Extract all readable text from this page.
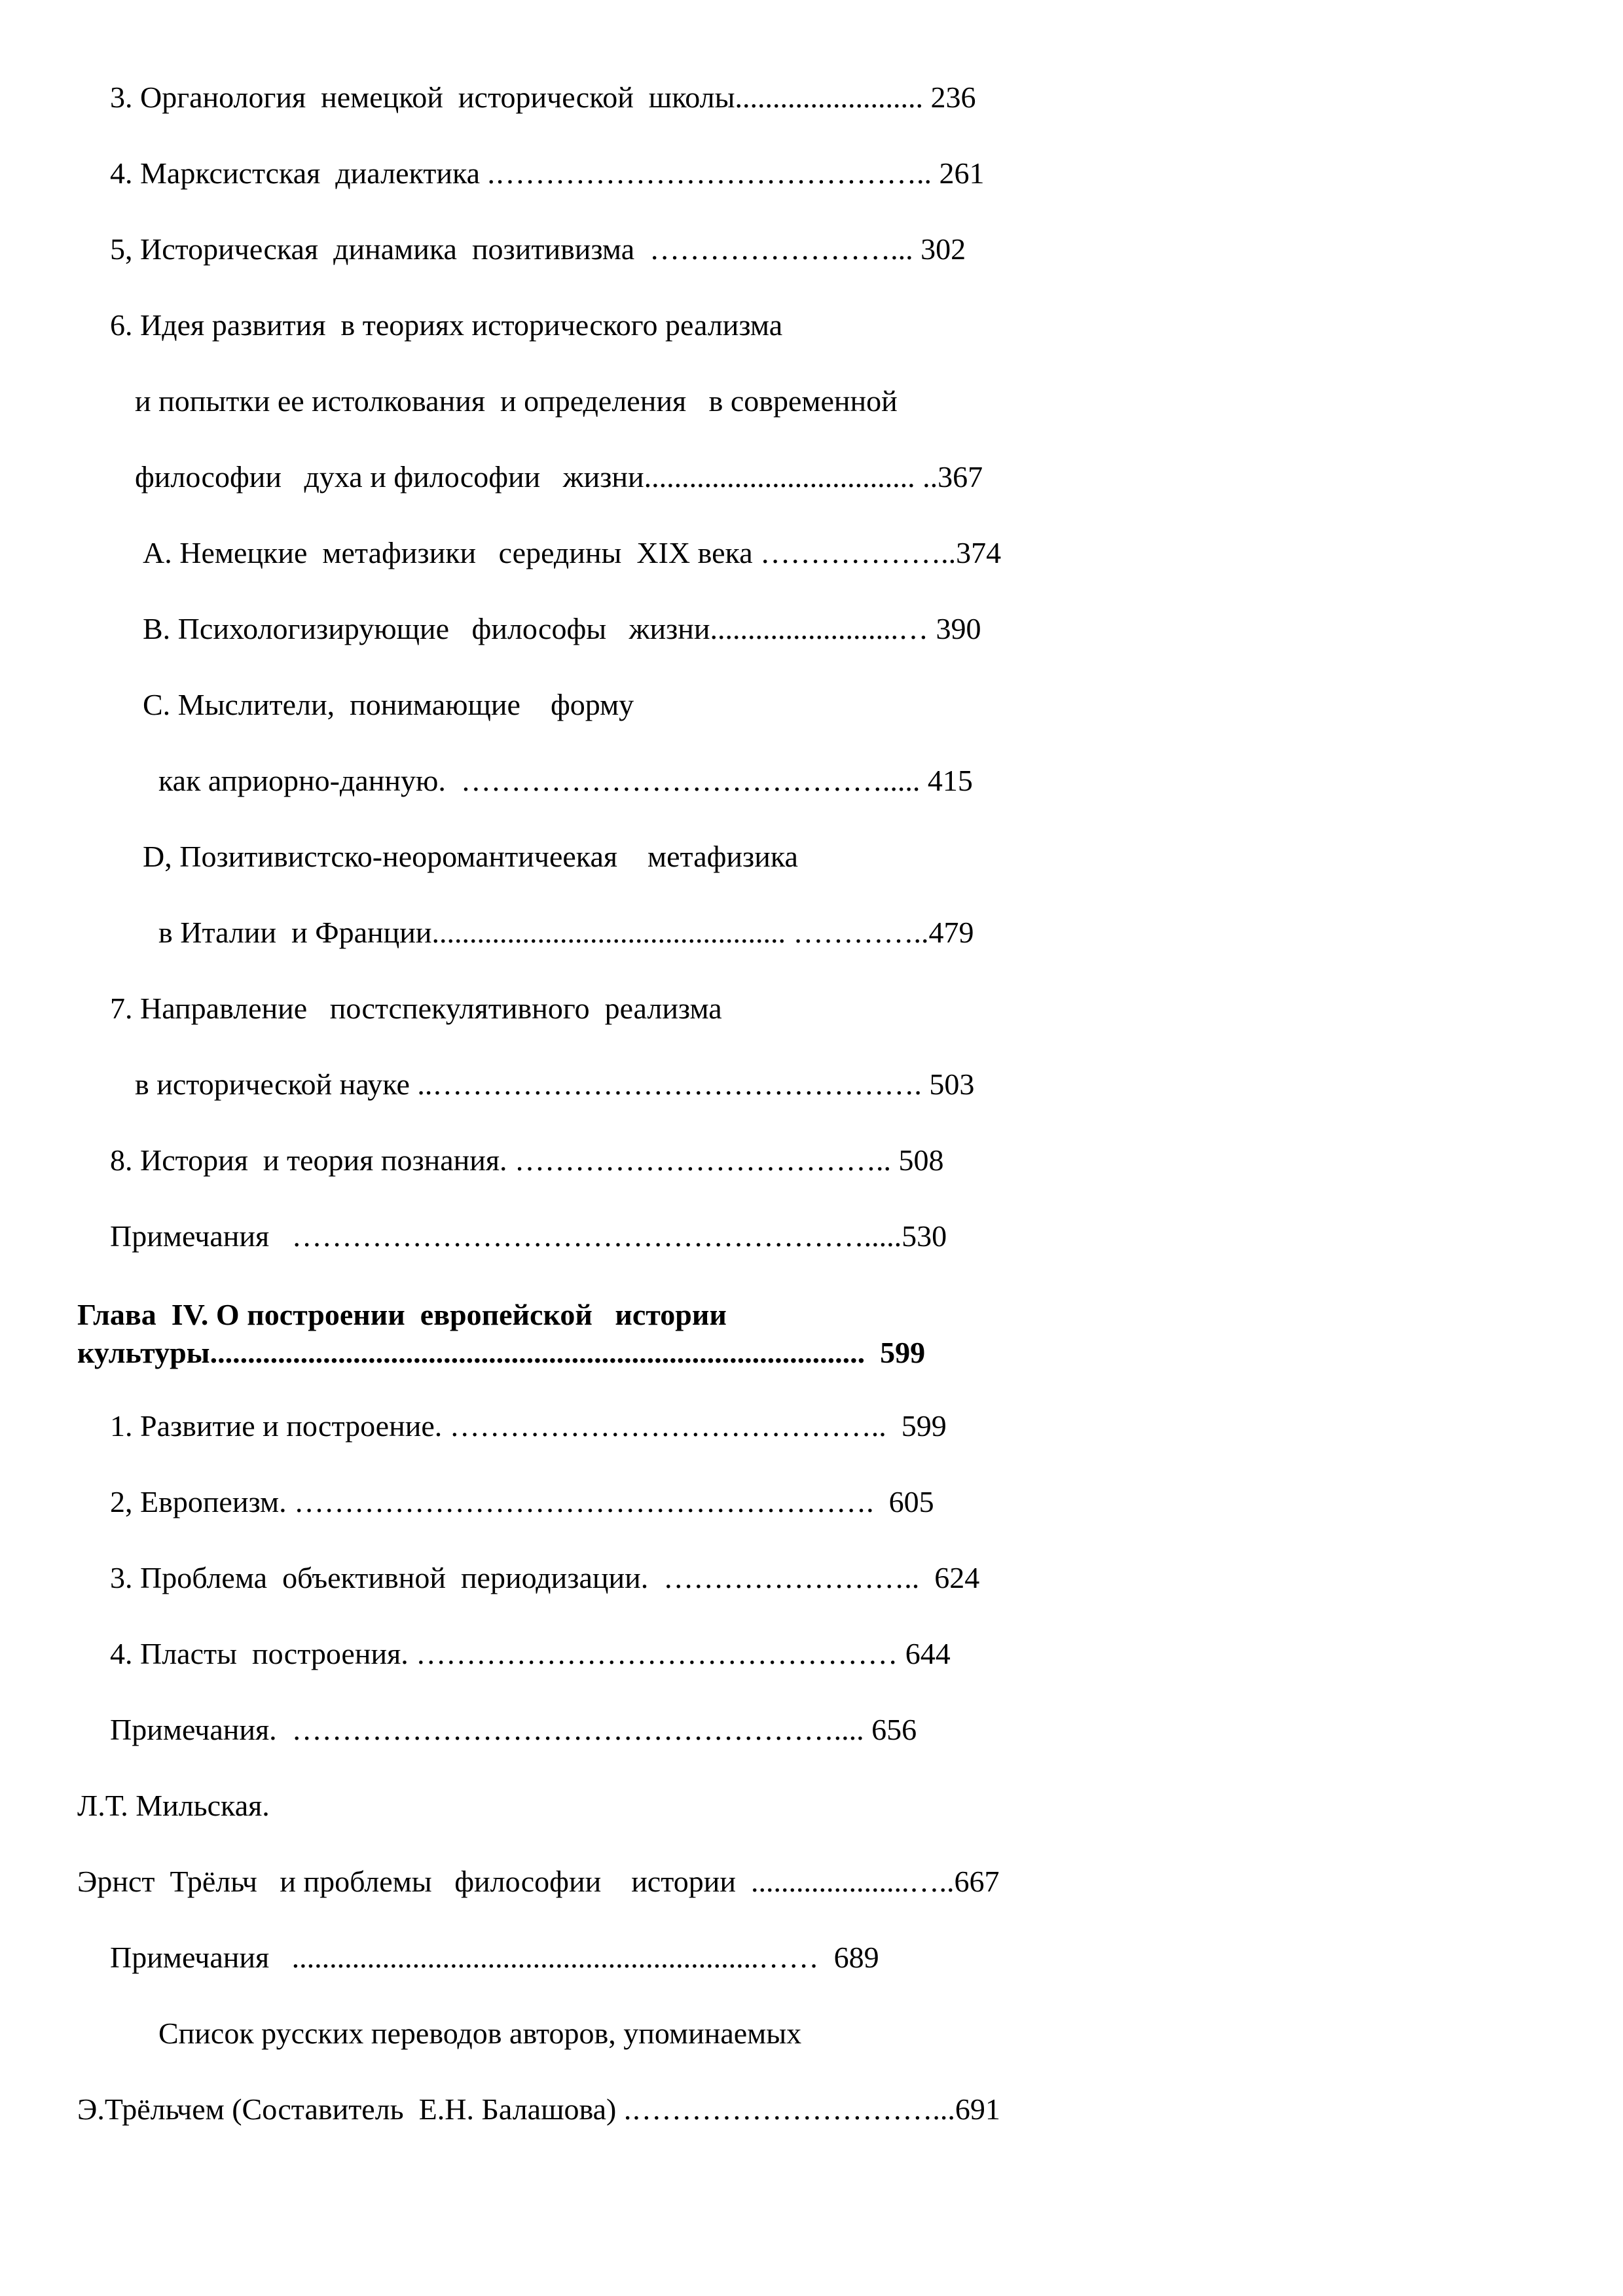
3. Органология  немецкой  исторической  школы......................... 236
4. Марксистская  диалектика .…………………………………….. 261
5, Историческая  динамика  позитивизма  ……………………... 302
6. Идея развития  в теориях исторического реализма
и попытки ее истолкования  и определения   в современной
философии   духа и философии   жизни.................................... ..367
А. Немецкие  метафизики   середины  XIX века ………………..374
В. Психологизирующие   философы   жизни.........................… 390
С. Мыслители,  понимающие    форму
как априорно-данную.  ……………………………………..... 415
D, Позитивистско-неоромантичеекая    метафизика
в Италии  и Франции............................................... …………..479
7. Направление   постспекулятивного  реализма
в исторической науке ..…………………………………………. 503
8. История  и теория познания. ……………………………….. 508
Примечания   ………………………………………………….....530
Глава  IV. О построении  европейской   истории
культуры.......................................................................................  599
1. Развитие и построение. ……………………………………..  599
2, Европеизм. ………………………………………………….  605
3. Проблема  объективной  периодизации.  ……………………..  624
4. Пласты  построения. ………………………………………… 644
Примечания.  ……………………………………………….... 656
Л.Т. Мильская.
Эрнст  Трёльч   и проблемы   философии    истории  .....................…..667
Примечания   ..............................................................……  689
Список русских переводов авторов, упоминаемых
Э.Трёльчем (Составитель  Е.Н. Балашова) .…………………………...691
